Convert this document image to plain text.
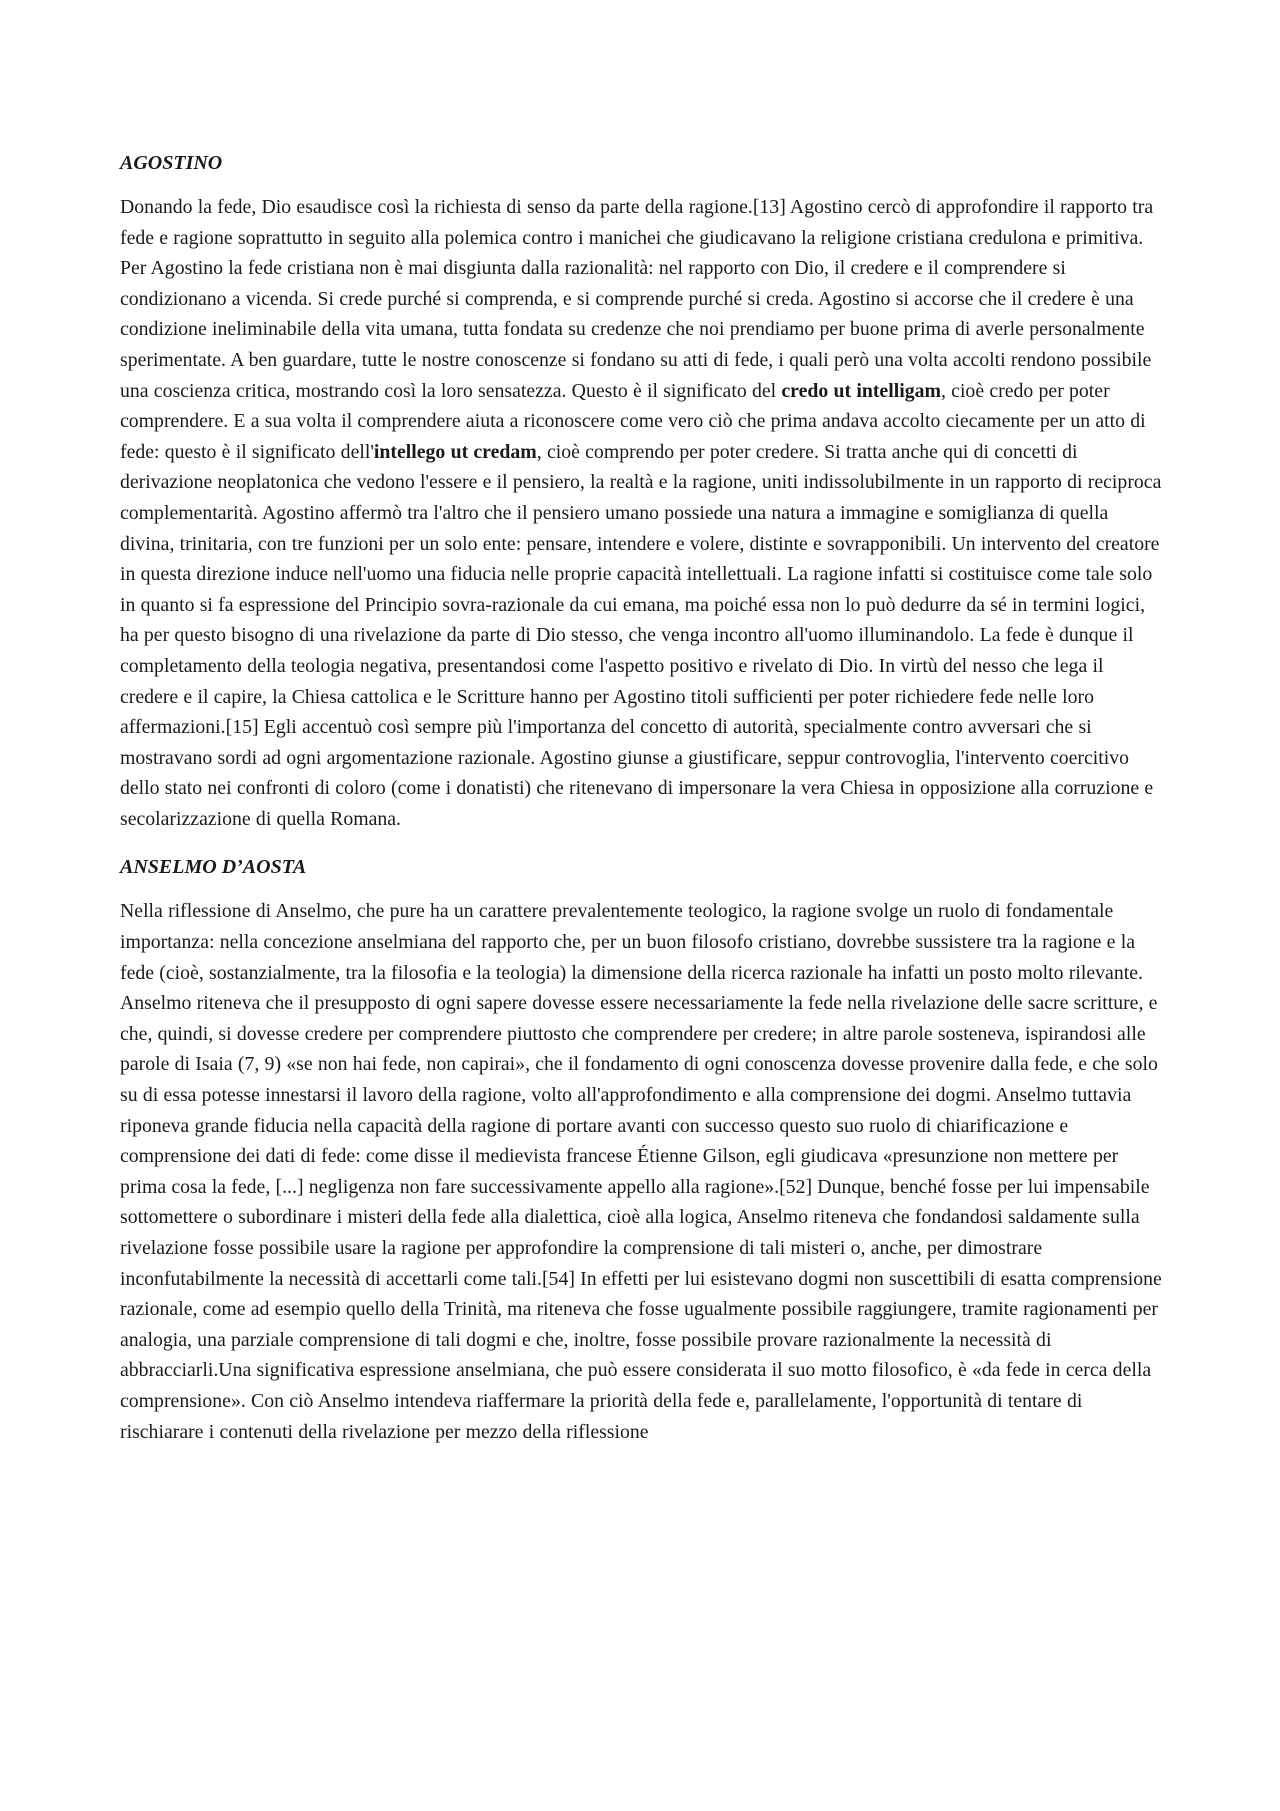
AGOSTINO

Donando la fede, Dio esaudisce così la richiesta di senso da parte della ragione.[13] Agostino cercò di approfondire il rapporto tra fede e ragione soprattutto in seguito alla polemica contro i manichei che giudicavano la religione cristiana credulona e primitiva. Per Agostino la fede cristiana non è mai disgiunta dalla razionalità: nel rapporto con Dio, il credere e il comprendere si condizionano a vicenda. Si crede purché si comprenda, e si comprende purché si creda. Agostino si accorse che il credere è una condizione ineliminabile della vita umana, tutta fondata su credenze che noi prendiamo per buone prima di averle personalmente sperimentate. A ben guardare, tutte le nostre conoscenze si fondano su atti di fede, i quali però una volta accolti rendono possibile una coscienza critica, mostrando così la loro sensatezza. Questo è il significato del credo ut intelligam, cioè credo per poter comprendere. E a sua volta il comprendere aiuta a riconoscere come vero ciò che prima andava accolto ciecamente per un atto di fede: questo è il significato dell'intellego ut credam, cioè comprendo per poter credere. Si tratta anche qui di concetti di derivazione neoplatonica che vedono l'essere e il pensiero, la realtà e la ragione, uniti indissolubilmente in un rapporto di reciproca complementarità. Agostino affermò tra l'altro che il pensiero umano possiede una natura a immagine e somiglianza di quella divina, trinitaria, con tre funzioni per un solo ente: pensare, intendere e volere, distinte e sovrapponibili. Un intervento del creatore in questa direzione induce nell'uomo una fiducia nelle proprie capacità intellettuali. La ragione infatti si costituisce come tale solo in quanto si fa espressione del Principio sovra-razionale da cui emana, ma poiché essa non lo può dedurre da sé in termini logici, ha per questo bisogno di una rivelazione da parte di Dio stesso, che venga incontro all'uomo illuminandolo. La fede è dunque il completamento della teologia negativa, presentandosi come l'aspetto positivo e rivelato di Dio. In virtù del nesso che lega il credere e il capire, la Chiesa cattolica e le Scritture hanno per Agostino titoli sufficienti per poter richiedere fede nelle loro affermazioni.[15] Egli accentuò così sempre più l'importanza del concetto di autorità, specialmente contro avversari che si mostravano sordi ad ogni argomentazione razionale. Agostino giunse a giustificare, seppur controvoglia, l'intervento coercitivo dello stato nei confronti di coloro (come i donatisti) che ritenevano di impersonare la vera Chiesa in opposizione alla corruzione e secolarizzazione di quella Romana.

ANSELMO D’AOSTA

Nella riflessione di Anselmo, che pure ha un carattere prevalentemente teologico, la ragione svolge un ruolo di fondamentale importanza: nella concezione anselmiana del rapporto che, per un buon filosofo cristiano, dovrebbe sussistere tra la ragione e la fede (cioè, sostanzialmente, tra la filosofia e la teologia) la dimensione della ricerca razionale ha infatti un posto molto rilevante. Anselmo riteneva che il presupposto di ogni sapere dovesse essere necessariamente la fede nella rivelazione delle sacre scritture, e che, quindi, si dovesse credere per comprendere piuttosto che comprendere per credere; in altre parole sosteneva, ispirandosi alle parole di Isaia (7, 9) «se non hai fede, non capirai», che il fondamento di ogni conoscenza dovesse provenire dalla fede, e che solo su di essa potesse innestarsi il lavoro della ragione, volto all'approfondimento e alla comprensione dei dogmi. Anselmo tuttavia riponeva grande fiducia nella capacità della ragione di portare avanti con successo questo suo ruolo di chiarificazione e comprensione dei dati di fede: come disse il medievista francese Étienne Gilson, egli giudicava «presunzione non mettere per prima cosa la fede, [...] negligenza non fare successivamente appello alla ragione».[52] Dunque, benché fosse per lui impensabile sottomettere o subordinare i misteri della fede alla dialettica, cioè alla logica, Anselmo riteneva che fondandosi saldamente sulla rivelazione fosse possibile usare la ragione per approfondire la comprensione di tali misteri o, anche, per dimostrare inconfutabilmente la necessità di accettarli come tali.[54] In effetti per lui esistevano dogmi non suscettibili di esatta comprensione razionale, come ad esempio quello della Trinità, ma riteneva che fosse ugualmente possibile raggiungere, tramite ragionamenti per analogia, una parziale comprensione di tali dogmi e che, inoltre, fosse possibile provare razionalmente la necessità di abbracciarli.Una significativa espressione anselmiana, che può essere considerata il suo motto filosofico, è «da fede in cerca della comprensione». Con ciò Anselmo intendeva riaffermare la priorità della fede e, parallelamente, l'opportunità di tentare di rischiarare i contenuti della rivelazione per mezzo della riflessione
